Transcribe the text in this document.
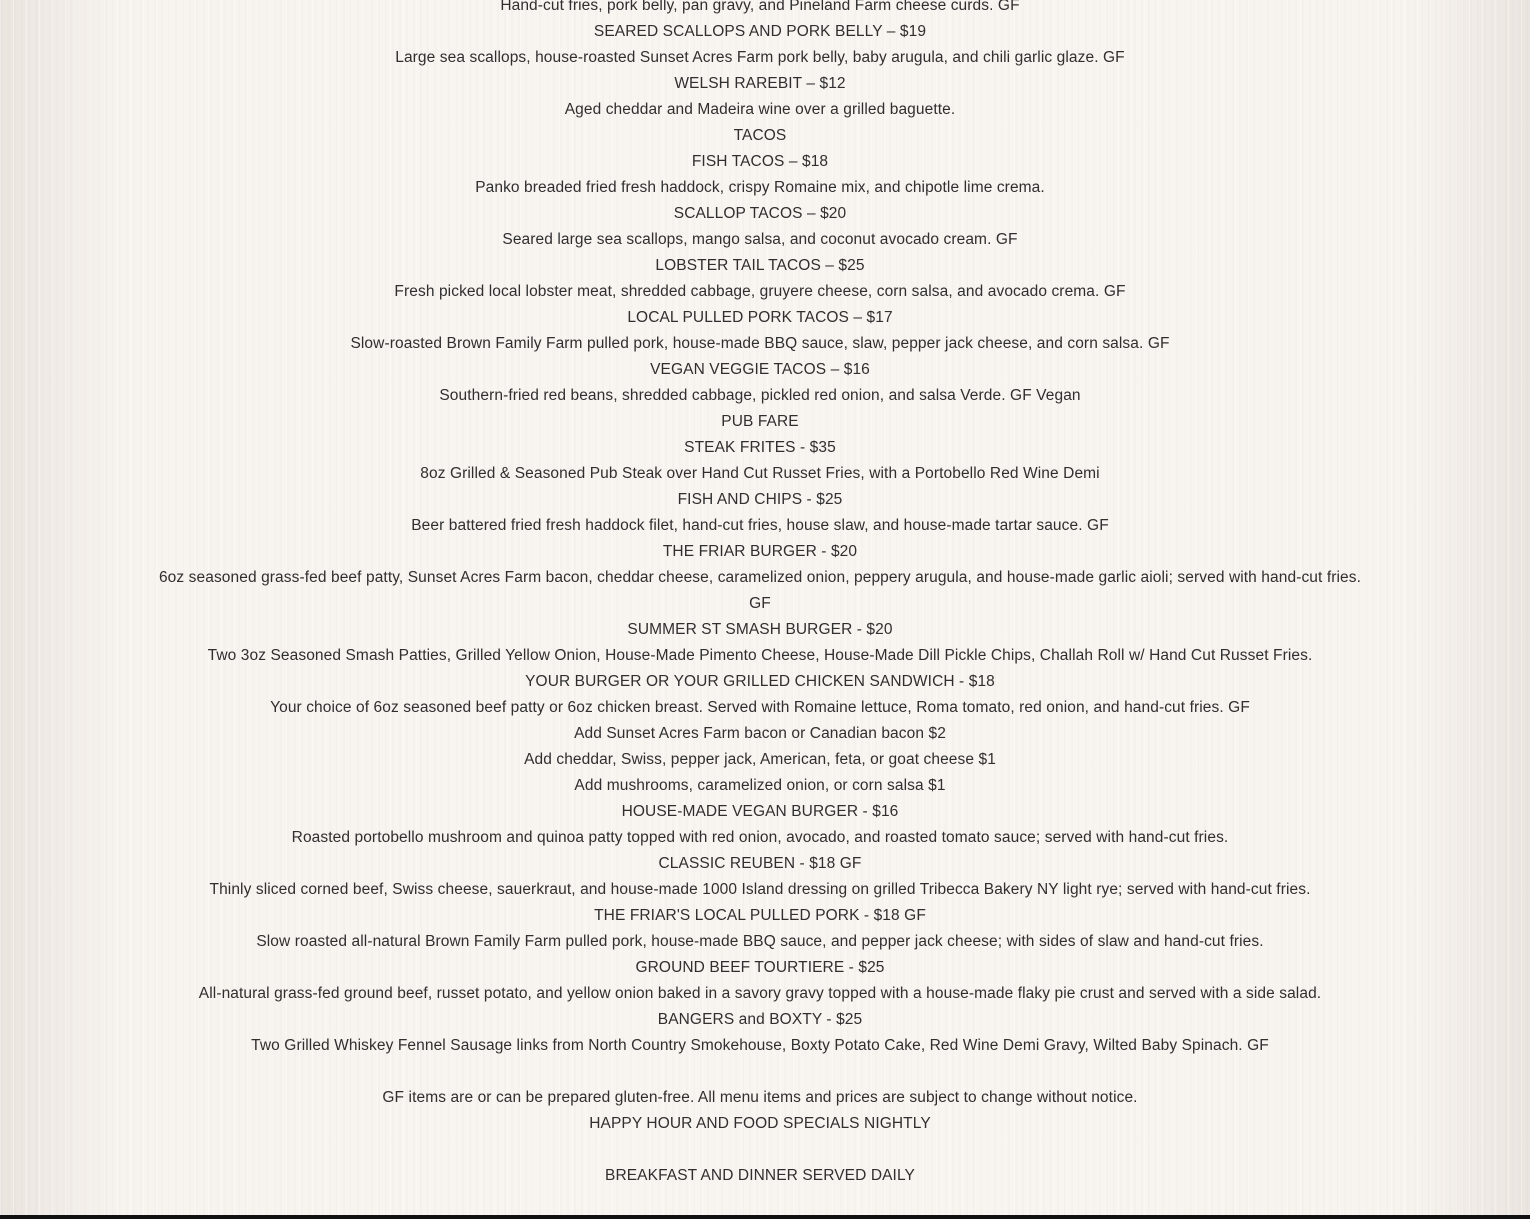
Hand-cut fries, pork belly, pan gravy, and Pineland Farm cheese curds. GF
SEARED SCALLOPS AND PORK BELLY – $19
Large sea scallops, house-roasted Sunset Acres Farm pork belly, baby arugula, and chili garlic glaze. GF
WELSH RAREBIT – $12
Aged cheddar and Madeira wine over a grilled baguette.
TACOS
FISH TACOS – $18
Panko breaded fried fresh haddock, crispy Romaine mix, and chipotle lime crema.
SCALLOP TACOS – $20
Seared large sea scallops, mango salsa, and coconut avocado cream. GF
LOBSTER TAIL TACOS – $25
Fresh picked local lobster meat, shredded cabbage, gruyere cheese, corn salsa, and avocado crema. GF
LOCAL PULLED PORK TACOS – $17
Slow-roasted Brown Family Farm pulled pork, house-made BBQ sauce, slaw, pepper jack cheese, and corn salsa. GF
VEGAN VEGGIE TACOS – $16
Southern-fried red beans, shredded cabbage, pickled red onion, and salsa Verde. GF Vegan
PUB FARE
STEAK FRITES - $35
8oz Grilled & Seasoned Pub Steak over Hand Cut Russet Fries, with a Portobello Red Wine Demi
FISH AND CHIPS - $25
Beer battered fried fresh haddock filet, hand-cut fries, house slaw, and house-made tartar sauce. GF
THE FRIAR BURGER - $20
6oz seasoned grass-fed beef patty, Sunset Acres Farm bacon, cheddar cheese, caramelized onion, peppery arugula, and house-made garlic aioli; served with hand-cut fries. GF
SUMMER ST SMASH BURGER - $20
Two 3oz Seasoned Smash Patties, Grilled Yellow Onion, House-Made Pimento Cheese, House-Made Dill Pickle Chips, Challah Roll w/ Hand Cut Russet Fries.
YOUR BURGER OR YOUR GRILLED CHICKEN SANDWICH - $18
Your choice of 6oz seasoned beef patty or 6oz chicken breast. Served with Romaine lettuce, Roma tomato, red onion, and hand-cut fries. GF
Add Sunset Acres Farm bacon or Canadian bacon $2
Add cheddar, Swiss, pepper jack, American, feta, or goat cheese $1
Add mushrooms, caramelized onion, or corn salsa $1
HOUSE-MADE VEGAN BURGER - $16
Roasted portobello mushroom and quinoa patty topped with red onion, avocado, and roasted tomato sauce; served with hand-cut fries.
CLASSIC REUBEN - $18 GF
Thinly sliced corned beef, Swiss cheese, sauerkraut, and house-made 1000 Island dressing on grilled Tribecca Bakery NY light rye; served with hand-cut fries.
THE FRIAR'S LOCAL PULLED PORK - $18 GF
Slow roasted all-natural Brown Family Farm pulled pork, house-made BBQ sauce, and pepper jack cheese; with sides of slaw and hand-cut fries.
GROUND BEEF TOURTIERE - $25
All-natural grass-fed ground beef, russet potato, and yellow onion baked in a savory gravy topped with a house-made flaky pie crust and served with a side salad.
BANGERS and BOXTY - $25
Two Grilled Whiskey Fennel Sausage links from North Country Smokehouse, Boxty Potato Cake, Red Wine Demi Gravy, Wilted Baby Spinach. GF
GF items are or can be prepared gluten-free. All menu items and prices are subject to change without notice.
HAPPY HOUR AND FOOD SPECIALS NIGHTLY
BREAKFAST AND DINNER SERVED DAILY
